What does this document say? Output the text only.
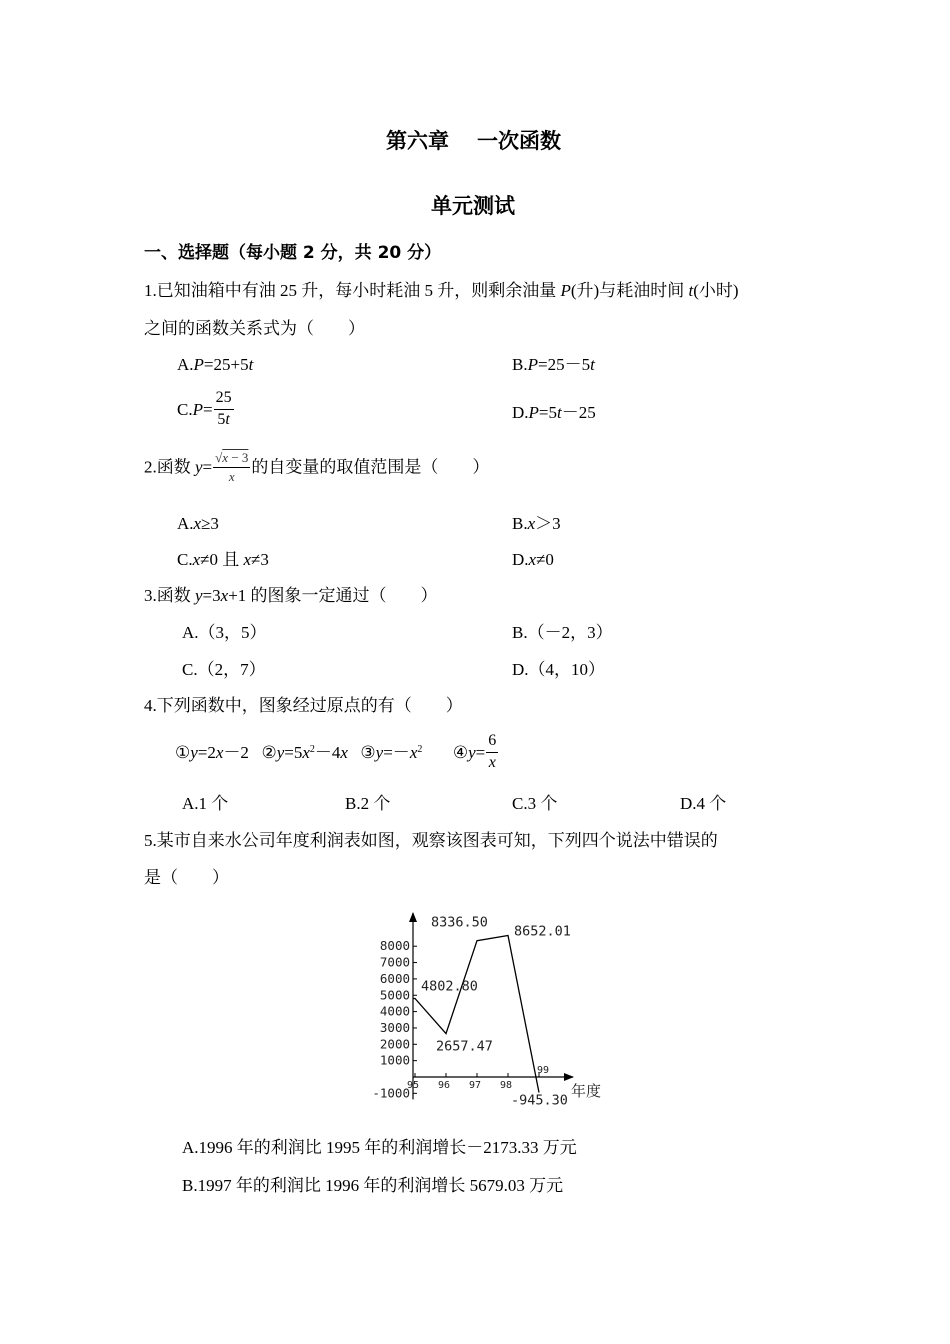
第六章 一次函数
单元测试
一、选择题（每小题 2 分，共 20 分）
1.已知油箱中有油 25 升，每小时耗油 5 升，则剩余油量 P(升)与耗油时间 t(小时)
之间的函数关系式为（　　）
A.P=25+5t	B.P=25－5t
$C.P= \frac{25}{5t}$	D.P=5t－25
2.函数 $y= \frac{√x - 3}{x}$ 的自变量的取值范围是（　　）
A.x≥3	B.x＞3
C.x≠0 且 x≠3	D.x≠0
3.函数 y=3x+1 的图象一定通过（　　）
A.（3，5）	B.（－2，3）
C.（2，7）	D.（4，10）
4.下列函数中，图象经过原点的有（　　）
①y=2x－2 $②y=5x^2-4x$ $③y=-x^2$ ④y= $\frac{6}{x}$
A.1 个	B.2 个	C.3 个	D.4 个
5.某市自来水公司年度利润表如图，观察该图表可知，下列四个说法中错误的
是（　　）
年度
-1000
1000
2000
3000
4000
5000
6000
7000
8000
95 96 97 98
99
4802.80
2657.47
8336.50
8652.01
-945.30
A.1996 年的利润比 1995 年的利润增长－2173.33 万元
B.1997 年的利润比 1996 年的利润增长 5679.03 万元
